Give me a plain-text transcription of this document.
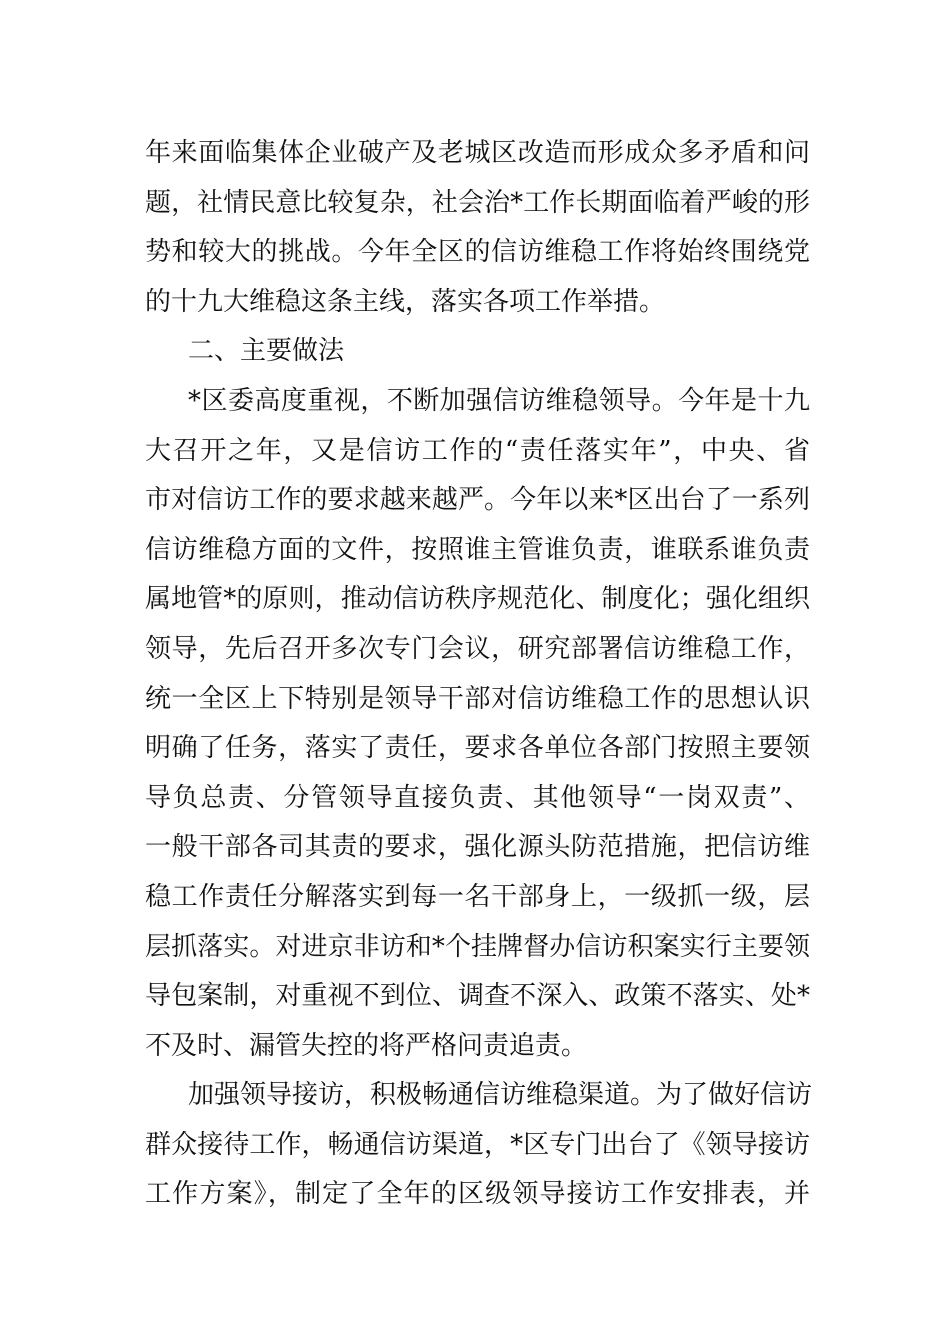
年来面临集体企业破产及老城区改造而形成众多矛盾和问
题，社情民意比较复杂，社会治*工作长期面临着严峻的形
势和较大的挑战。今年全区的信访维稳工作将始终围绕党
的十九大维稳这条主线，落实各项工作举措。
二、主要做法
*区委高度重视，不断加强信访维稳领导。今年是十九
大召开之年，又是信访工作的“责任落实年”，中央、省
市对信访工作的要求越来越严。今年以来*区出台了一系列
信访维稳方面的文件，按照谁主管谁负责，谁联系谁负责
属地管*的原则，推动信访秩序规范化、制度化；强化组织
领导，先后召开多次专门会议，研究部署信访维稳工作，
统一全区上下特别是领导干部对信访维稳工作的思想认识
明确了任务，落实了责任，要求各单位各部门按照主要领
导负总责、分管领导直接负责、其他领导“一岗双责”、
一般干部各司其责的要求，强化源头防范措施，把信访维
稳工作责任分解落实到每一名干部身上，一级抓一级，层
层抓落实。对进京非访和*个挂牌督办信访积案实行主要领
导包案制，对重视不到位、调查不深入、政策不落实、处*
不及时、漏管失控的将严格问责追责。
加强领导接访，积极畅通信访维稳渠道。为了做好信访
群众接待工作，畅通信访渠道，*区专门出台了《领导接访
工作方案》，制定了全年的区级领导接访工作安排表，并
